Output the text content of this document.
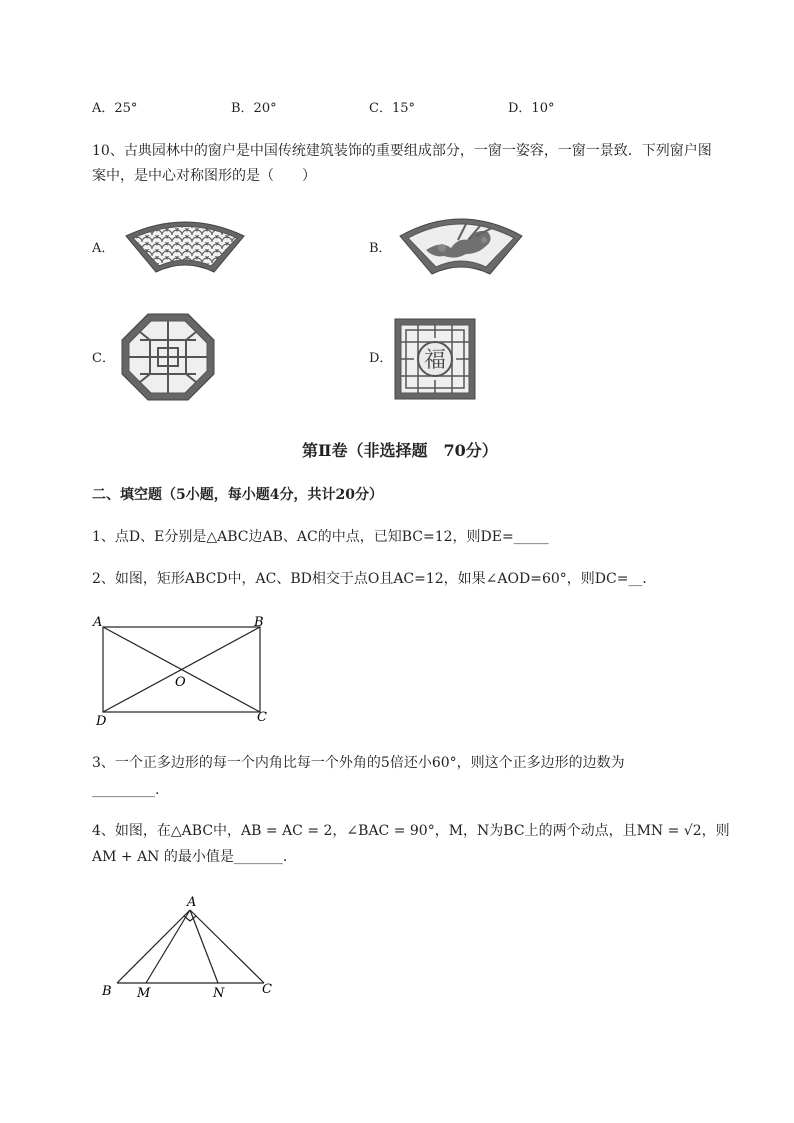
A．25°	B．20°	C．15°	D．10°
10、古典园林中的窗户是中国传统建筑装饰的重要组成部分，一窗一姿容，一窗一景致．下列窗户图
案中，是中心对称图形的是（　　）
A．	B．
C．	D． 福
第Ⅱ卷（非选择题　70分）
二、填空题（5小题，每小题4分，共计20分）
1、点D、E分别是△ABC边AB、AC的中点，已知BC=12，则DE=_____
2、如图，矩形ABCD中，AC、BD相交于点O且AC=12，如果∠AOD=60°，则DC=__．
A	B
C
D
O
3、一个正多边形的每一个内角比每一个外角的5倍还小60°，则这个正多边形的边数为
_________.
4、如图，在△ABC中，AB = AC = 2，∠BAC = 90°，M，N为BC上的两个动点，且MN = √2，则
AM + AN 的最小值是_______.
A
B	C
M	N
